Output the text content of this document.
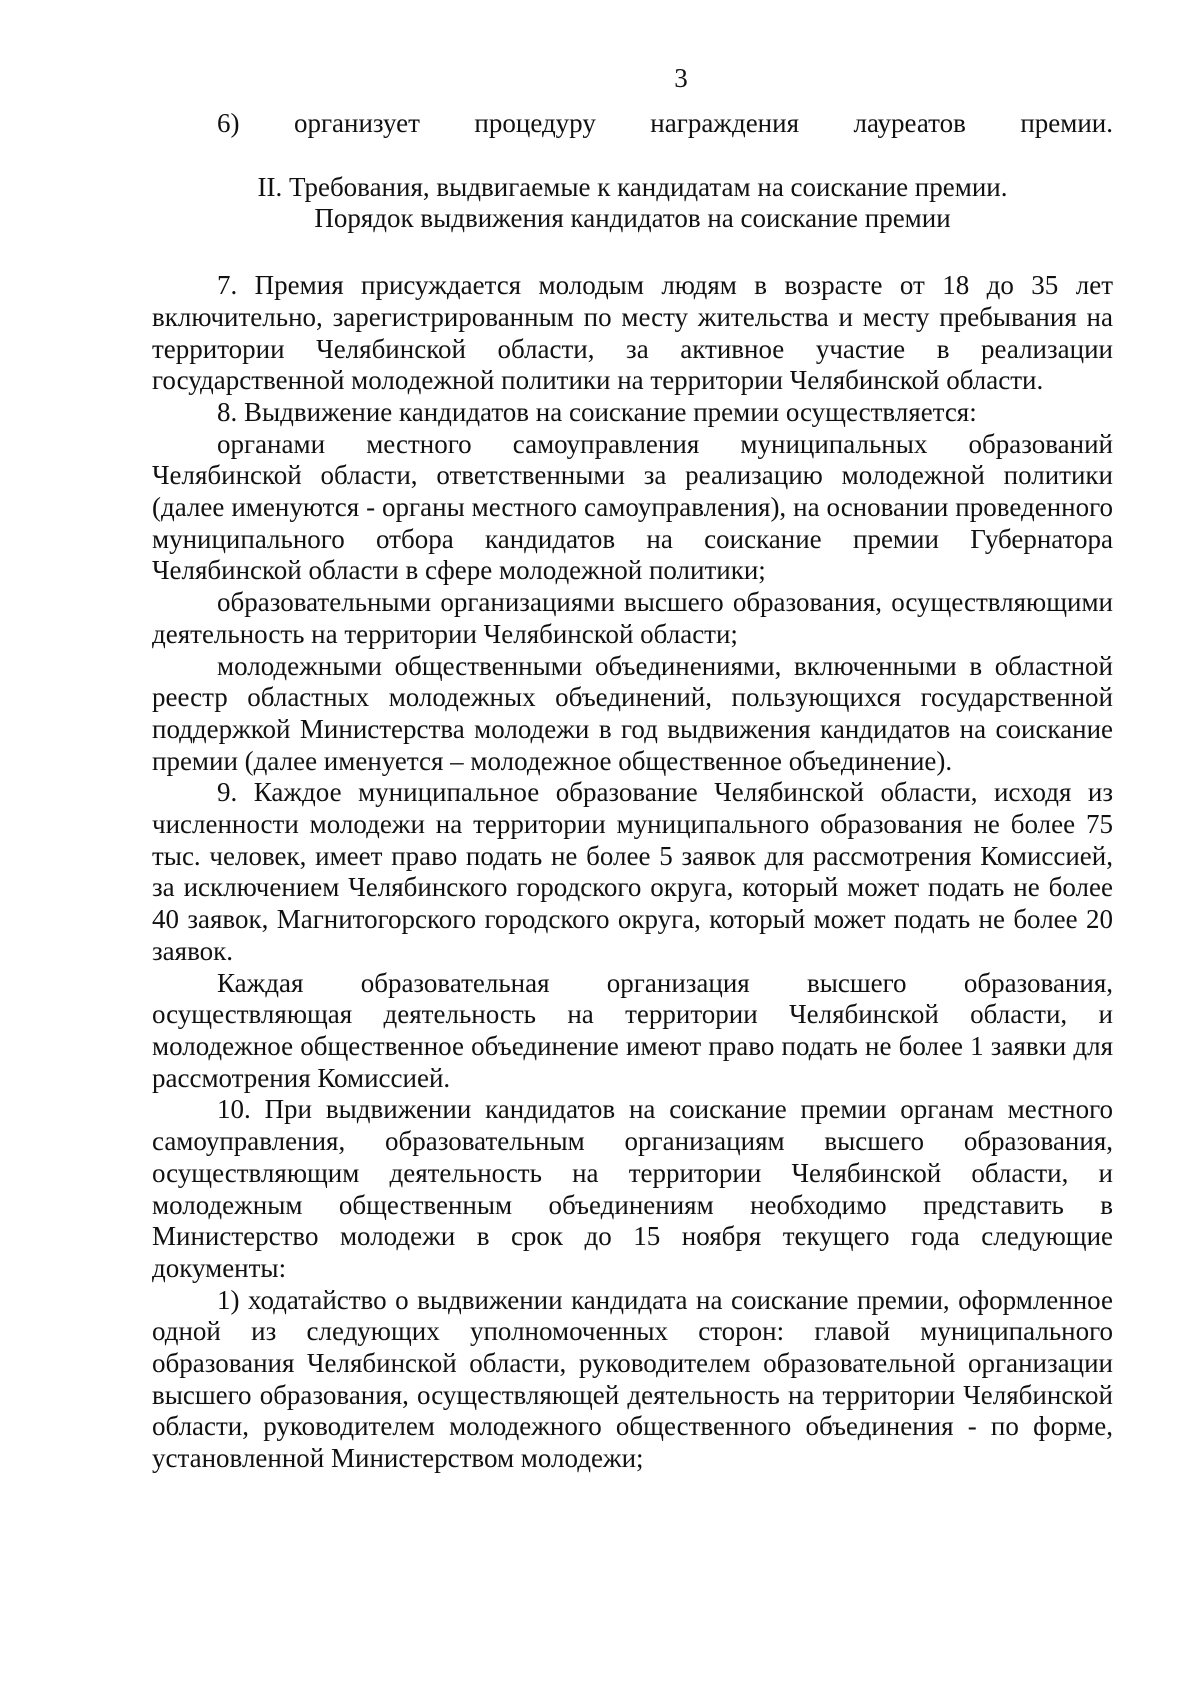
3

6) организует процедуру награждения лауреатов премии.

II. Требования, выдвигаемые к кандидатам на соискание премии.

Порядок выдвижения кандидатов на соискание премии

7. Премия присуждается молодым людям в возрасте от 18 до 35 лет включительно, зарегистрированным по месту жительства и месту пребывания на территории Челябинской области, за активное участие в реализации государственной молодежной политики на территории Челябинской области.

8. Выдвижение кандидатов на соискание премии осуществляется:

органами местного самоуправления муниципальных образований Челябинской области, ответственными за реализацию молодежной политики (далее именуются - органы местного самоуправления), на основании проведенного муниципального отбора кандидатов на соискание премии Губернатора Челябинской области в сфере молодежной политики;

образовательными организациями высшего образования, осуществляющими деятельность на территории Челябинской области;

молодежными общественными объединениями, включенными в областной реестр областных молодежных объединений, пользующихся государственной поддержкой Министерства молодежи в год выдвижения кандидатов на соискание премии (далее именуется – молодежное общественное объединение).

9. Каждое муниципальное образование Челябинской области, исходя из численности молодежи на территории муниципального образования не более 75 тыс. человек, имеет право подать не более 5 заявок для рассмотрения Комиссией, за исключением Челябинского городского округа, который может подать не более 40 заявок, Магнитогорского городского округа, который может подать не более 20 заявок.

Каждая образовательная организация высшего образования, осуществляющая деятельность на территории Челябинской области, и молодежное общественное объединение имеют право подать не более 1 заявки для рассмотрения Комиссией.

10. При выдвижении кандидатов на соискание премии органам местного самоуправления, образовательным организациям высшего образования, осуществляющим деятельность на территории Челябинской области, и молодежным общественным объединениям необходимо представить в Министерство молодежи в срок до 15 ноября текущего года следующие документы:

1) ходатайство о выдвижении кандидата на соискание премии, оформленное одной из следующих уполномоченных сторон: главой муниципального образования Челябинской области, руководителем образовательной организации высшего образования, осуществляющей деятельность на территории Челябинской области, руководителем молодежного общественного объединения - по форме, установленной Министерством молодежи;
